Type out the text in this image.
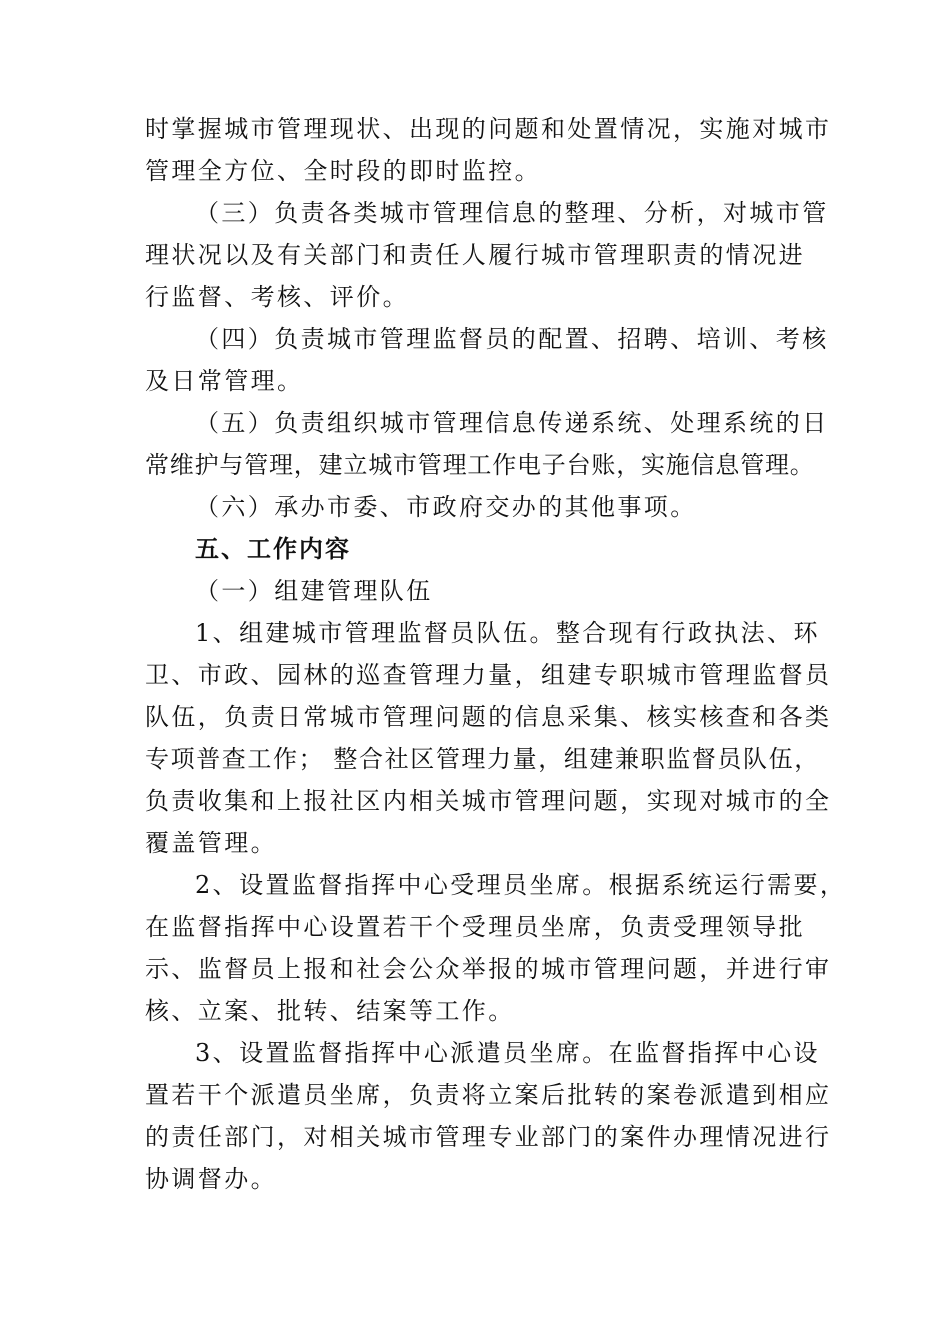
时掌握城市管理现状、出现的问题和处置情况，实施对城市
管理全方位、全时段的即时监控。
（三）负责各类城市管理信息的整理、分析，对城市管
理状况以及有关部门和责任人履行城市管理职责的情况进
行监督、考核、评价。
（四）负责城市管理监督员的配置、招聘、培训、考核
及日常管理。
（五）负责组织城市管理信息传递系统、处理系统的日
常维护与管理，建立城市管理工作电子台账，实施信息管理。
（六）承办市委、市政府交办的其他事项。
五、工作内容
（一）组建管理队伍
1、组建城市管理监督员队伍。整合现有行政执法、环
卫、市政、园林的巡查管理力量，组建专职城市管理监督员
队伍，负责日常城市管理问题的信息采集、核实核查和各类
专项普查工作； 整合社区管理力量，组建兼职监督员队伍，
负责收集和上报社区内相关城市管理问题，实现对城市的全
覆盖管理。
2、设置监督指挥中心受理员坐席。根据系统运行需要，
在监督指挥中心设置若干个受理员坐席，负责受理领导批
示、监督员上报和社会公众举报的城市管理问题，并进行审
核、立案、批转、结案等工作。
3、设置监督指挥中心派遣员坐席。在监督指挥中心设
置若干个派遣员坐席，负责将立案后批转的案卷派遣到相应
的责任部门，对相关城市管理专业部门的案件办理情况进行
协调督办。
